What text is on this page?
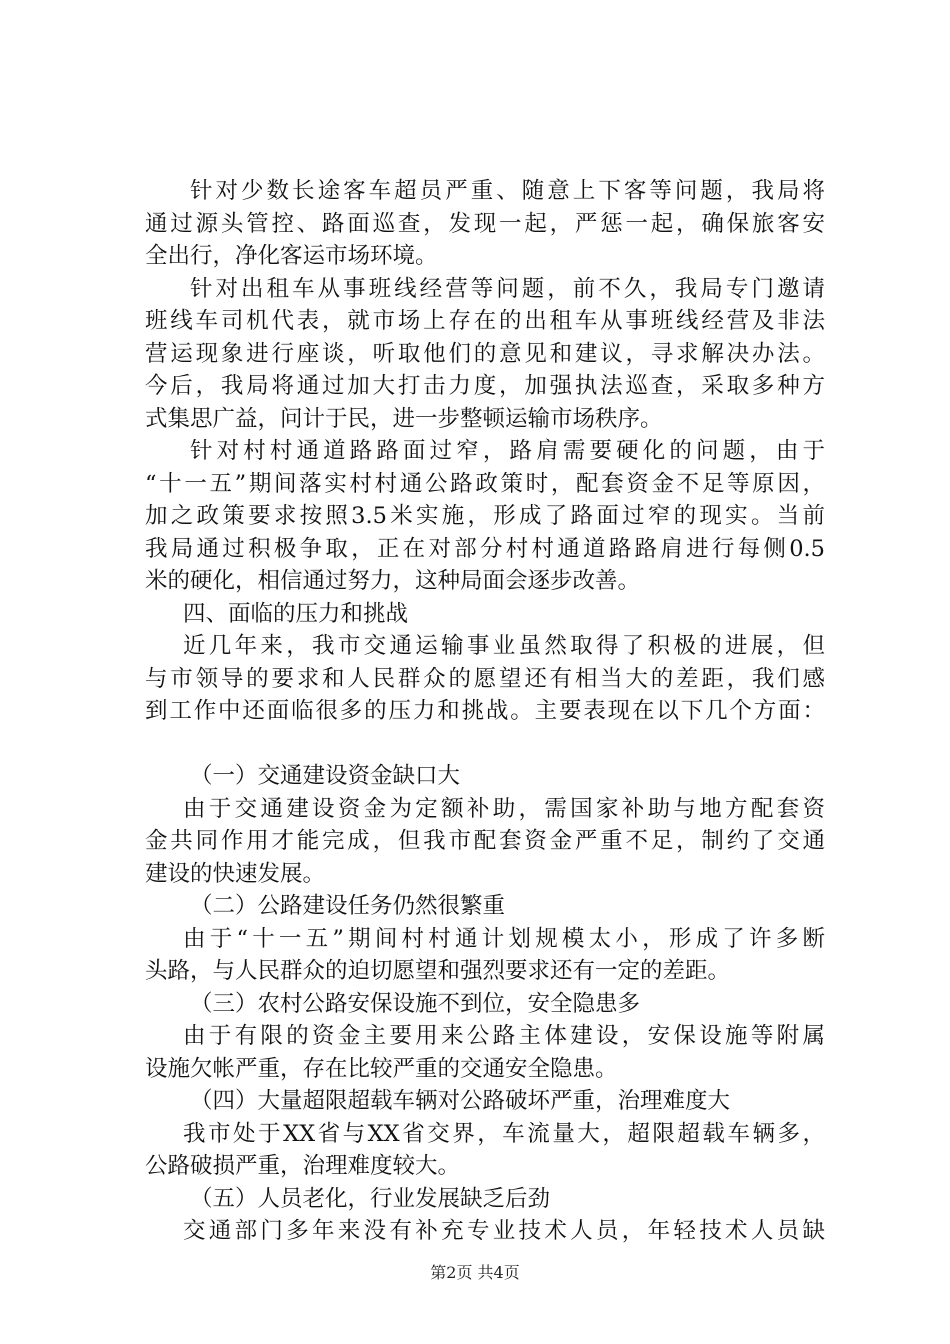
针对少数长途客车超员严重、随意上下客等问题，我局将
通过源头管控、路面巡查，发现一起，严惩一起，确保旅客安
全出行，净化客运市场环境。
针对出租车从事班线经营等问题，前不久，我局专门邀请
班线车司机代表，就市场上存在的出租车从事班线经营及非法
营运现象进行座谈，听取他们的意见和建议，寻求解决办法。
今后，我局将通过加大打击力度，加强执法巡查，采取多种方
式集思广益，问计于民，进一步整顿运输市场秩序。
针对村村通道路路面过窄，路肩需要硬化的问题，由于
“十一五”期间落实村村通公路政策时，配套资金不足等原因，
加之政策要求按照3.5米实施，形成了路面过窄的现实。当前
我局通过积极争取，正在对部分村村通道路路肩进行每侧0.5
米的硬化，相信通过努力，这种局面会逐步改善。
四、面临的压力和挑战
近几年来，我市交通运输事业虽然取得了积极的进展，但
与市领导的要求和人民群众的愿望还有相当大的差距，我们感
到工作中还面临很多的压力和挑战。主要表现在以下几个方面：
（一）交通建设资金缺口大
由于交通建设资金为定额补助，需国家补助与地方配套资
金共同作用才能完成，但我市配套资金严重不足，制约了交通
建设的快速发展。
（二）公路建设任务仍然很繁重
由于“十一五”期间村村通计划规模太小，形成了许多断
头路，与人民群众的迫切愿望和强烈要求还有一定的差距。
（三）农村公路安保设施不到位，安全隐患多
由于有限的资金主要用来公路主体建设，安保设施等附属
设施欠帐严重，存在比较严重的交通安全隐患。
（四）大量超限超载车辆对公路破坏严重，治理难度大
我市处于XX省与XX省交界，车流量大，超限超载车辆多，
公路破损严重，治理难度较大。
（五）人员老化，行业发展缺乏后劲
交通部门多年来没有补充专业技术人员，年轻技术人员缺
第2页 共4页
